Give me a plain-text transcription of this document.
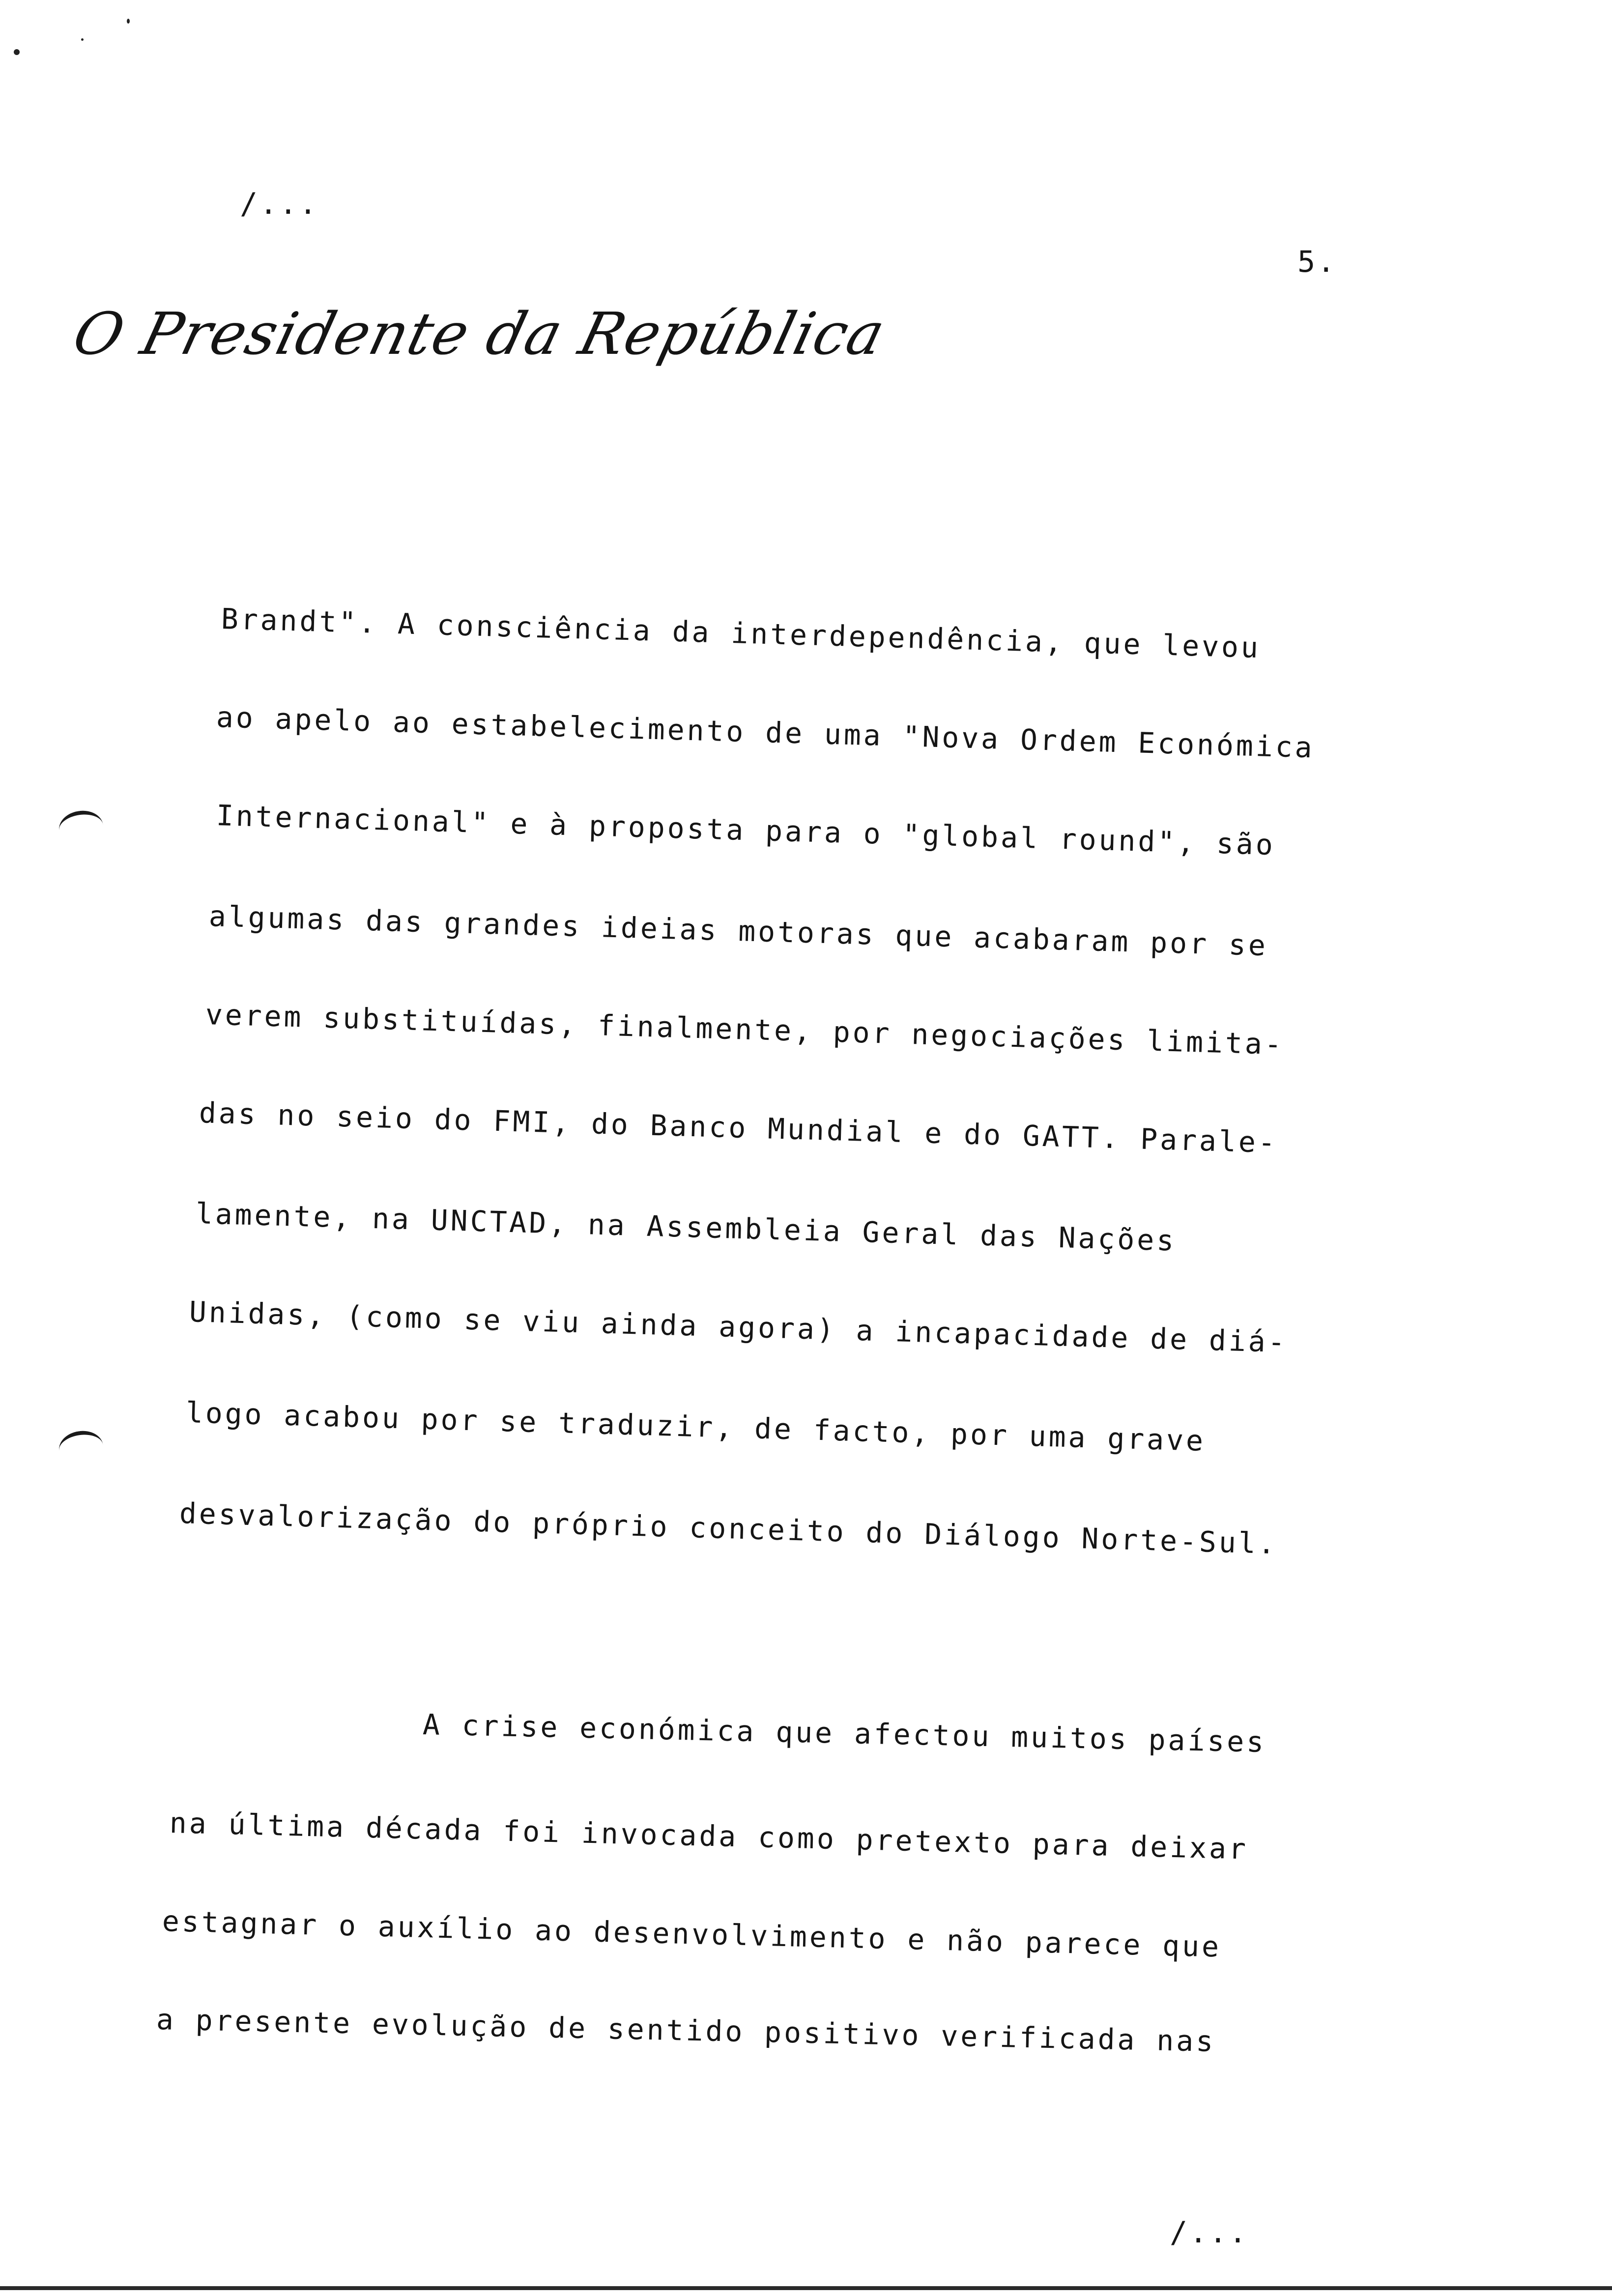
/...
5.
O Presidente da República
Brandt". A consciência da interdependência, que levou
ao apelo ao estabelecimento de uma "Nova Ordem Económica
Internacional" e à proposta para o "global round", são
algumas das grandes ideias motoras que acabaram por se
verem substituídas, finalmente, por negociações limita-
das no seio do FMI, do Banco Mundial e do GATT. Parale-
lamente, na UNCTAD, na Assembleia Geral das Nações
Unidas, (como se viu ainda agora) a incapacidade de diá-
logo acabou por se traduzir, de facto, por uma grave
desvalorização do próprio conceito do Diálogo Norte-Sul.
A crise económica que afectou muitos países
na última década foi invocada como pretexto para deixar
estagnar o auxílio ao desenvolvimento e não parece que
a presente evolução de sentido positivo verificada nas
/...
